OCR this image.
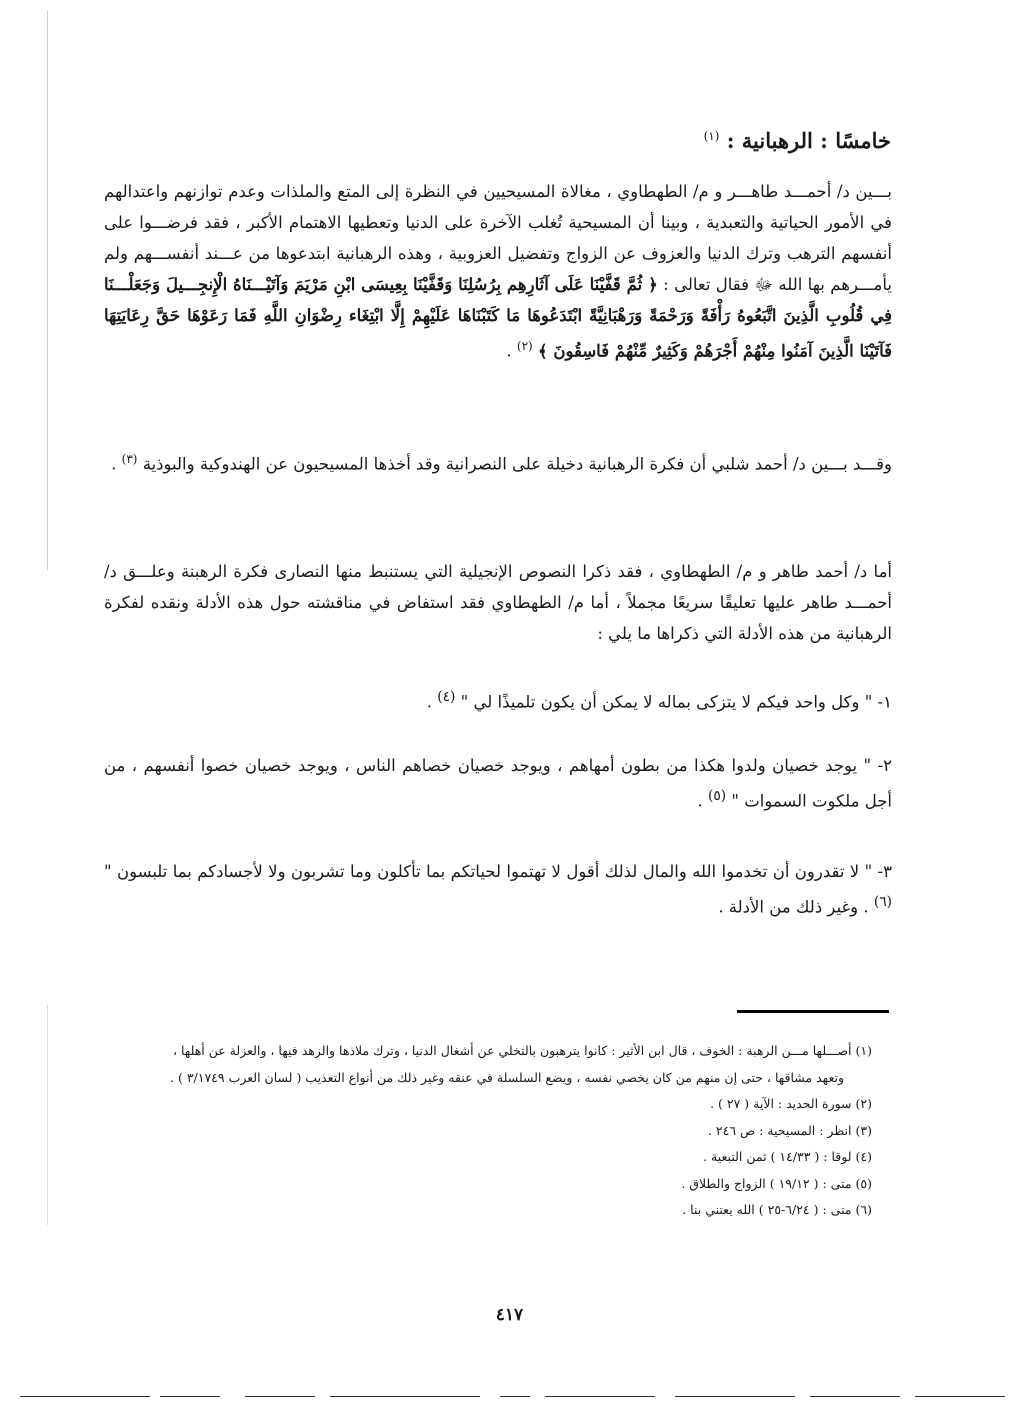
خامسًا : الرهبانية : $^{(١)}$
بـــين د/ أحمـــد طاهـــر و م/ الطهطاوي ، مغالاة المسيحيين في النظرة إلى المتع والملذات وعدم توازنهم واعتدالهم في الأمور الحياتية والتعبدية ، وبينا أن المسيحية تُغلب الآخرة على الدنيا وتعطيها الاهتمام الأكبر ، فقد فرضـــوا على أنفسهم الترهب وترك الدنيا والعزوف عن الزواج وتفضيل العزوبية ، وهذه الرهبانية ابتدعوها من عـــند أنفســـهم ولم يأمـــرهم بها الله ﷻ فقال تعالى : ﴿ ثُمَّ قَفَّيْنَا عَلَى آثَارِهِم بِرُسُلِنَا وَقَفَّيْنَا بِعِيسَى ابْنِ مَرْيَمَ وَآتَيْـــنَاهُ الْإِنجِـــيلَ وَجَعَلْـــنَا فِي قُلُوبِ الَّذِينَ اتَّبَعُوهُ رَأْفَةً وَرَحْمَةً وَرَهْبَانِيَّةً ابْتَدَعُوهَا مَا كَتَبْنَاهَا عَلَيْهِمْ إِلَّا ابْتِغَاء رِضْوَانِ اللَّهِ فَمَا رَعَوْهَا حَقَّ رِعَايَتِهَا فَآتَيْنَا الَّذِينَ آمَنُوا مِنْهُمْ أَجْرَهُمْ وَكَثِيرٌ مِّنْهُمْ فَاسِقُونَ ﴾ $^{(٢)}$ .
وقـــد بـــين د/ أحمد شلبي أن فكرة الرهبانية دخيلة على النصرانية وقد أخذها المسيحيون عن الهندوكية والبوذية $^{(٣)}$ .
أما د/ أحمد طاهر و م/ الطهطاوي ، فقد ذكرا النصوص الإنجيلية التي يستنبط منها النصارى فكرة الرهبنة وعلـــق د/ أحمـــد طاهر عليها تعليقًا سريعًا مجملاً ، أما م/ الطهطاوي فقد استفاض في مناقشته حول هذه الأدلة ونقده لفكرة الرهبانية من هذه الأدلة التي ذكراها ما يلي :
١- " وكل واحد فيكم لا يتزكى بماله لا يمكن أن يكون تلميذًا لي " $^{(٤)}$ .
٢- " يوجد خصيان ولدوا هكذا من بطون أمهاهم ، ويوجد خصيان خصاهم الناس ، ويوجد خصيان خصوا أنفسهم ، من أجل ملكوت السموات " $^{(٥)}$ .
٣- " لا تقدرون أن تخدموا الله والمال لذلك أقول لا تهتموا لحياتكم بما تأكلون وما تشربون ولا لأجسادكم بما تلبسون " $^{(٦)}$ . وغير ذلك من الأدلة .
(١) أصـــلها مـــن الرهبة : الخوف ، قال ابن الأثير : كانوا يترهبون بالتخلي عن أشغال الدنيا ، وترك ملاذها والزهد فيها ، والعزلة عن أهلها ،
وتعهد مشاقها ، حتى إن منهم من كان يخصي نفسه ، ويضع السلسلة في عنقه وغير ذلك من أنواع التعذيب ( لسان العرب ٣/١٧٤٩ ) .
(٢) سورة الحديد : الآية ( ٢٧ ) .
(٣) انظر : المسيحية : ص ٢٤٦ .
(٤) لوقا : ( ١٤/٣٣ ) ثمن التبعية .
(٥) متى : ( ١٩/١٢ ) الزواج والطلاق .
(٦) متى : ( ٦/٢٤-٢٥ ) الله يعتني بنا .
٤١٧
